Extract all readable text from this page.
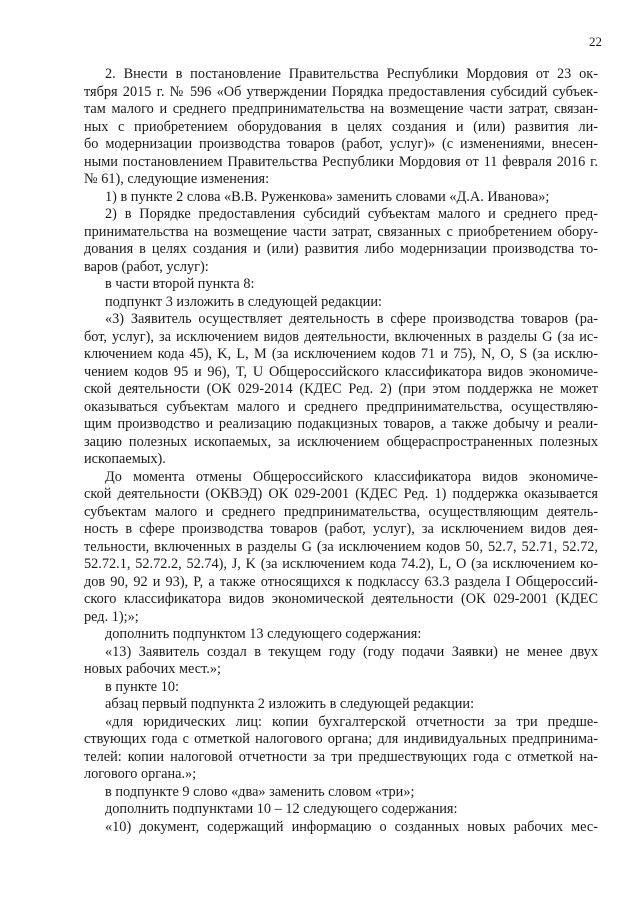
22
2. Внести в постановление Правительства Республики Мордовия от 23 ок-
тября 2015 г. № 596 «Об утверждении Порядка предоставления субсидий субъек-
там малого и среднего предпринимательства на возмещение части затрат, связан-
ных с приобретением оборудования в целях создания и (или) развития ли-
бо модернизации производства товаров (работ, услуг)» (с изменениями, внесен-
ными постановлением Правительства Республики Мордовия от 11 февраля 2016 г.
№ 61), следующие изменения:
1) в пункте 2 слова «В.В. Руженкова» заменить словами «Д.А. Иванова»;
2) в Порядке предоставления субсидий субъектам малого и среднего пред-
принимательства на возмещение части затрат, связанных с приобретением обору-
дования в целях создания и (или) развития либо модернизации производства то-
варов (работ, услуг):
в части второй пункта 8:
подпункт 3 изложить в следующей редакции:
«3) Заявитель осуществляет деятельность в сфере производства товаров (ра-
бот, услуг), за исключением видов деятельности, включенных в разделы G (за ис-
ключением кода 45), K, L, M (за исключением кодов 71 и 75), N, O, S (за исклю-
чением кодов 95 и 96), T, U Общероссийского классификатора видов экономиче-
ской деятельности (ОК 029-2014 (КДЕС Ред. 2) (при этом поддержка не может
оказываться субъектам малого и среднего предпринимательства, осуществляю-
щим производство и реализацию подакцизных товаров, а также добычу и реали-
зацию полезных ископаемых, за исключением общераспространенных полезных
ископаемых).
До момента отмены Общероссийского классификатора видов экономиче-
ской деятельности (ОКВЭД) ОК 029-2001 (КДЕС Ред. 1) поддержка оказывается
субъектам малого и среднего предпринимательства, осуществляющим деятель-
ность в сфере производства товаров (работ, услуг), за исключением видов дея-
тельности, включенных в разделы G (за исключением кодов 50, 52.7, 52.71, 52.72,
52.72.1, 52.72.2, 52.74), J, K (за исключением кода 74.2), L, O (за исключением ко-
дов 90, 92 и 93), P, а также относящихся к подклассу 63.3 раздела I Общероссий-
ского классификатора видов экономической деятельности (ОК 029-2001 (КДЕС
ред. 1);»;
дополнить подпунктом 13 следующего содержания:
«13) Заявитель создал в текущем году (году подачи Заявки) не менее двух
новых рабочих мест.»;
в пункте 10:
абзац первый подпункта 2 изложить в следующей редакции:
«для юридических лиц: копии бухгалтерской отчетности за три предше-
ствующих года с отметкой налогового органа; для индивидуальных предпринима-
телей: копии налоговой отчетности за три предшествующих года с отметкой на-
логового органа.»;
в подпункте 9 слово «два» заменить словом «три»;
дополнить подпунктами 10 – 12 следующего содержания:
«10) документ, содержащий информацию о созданных новых рабочих мес-
